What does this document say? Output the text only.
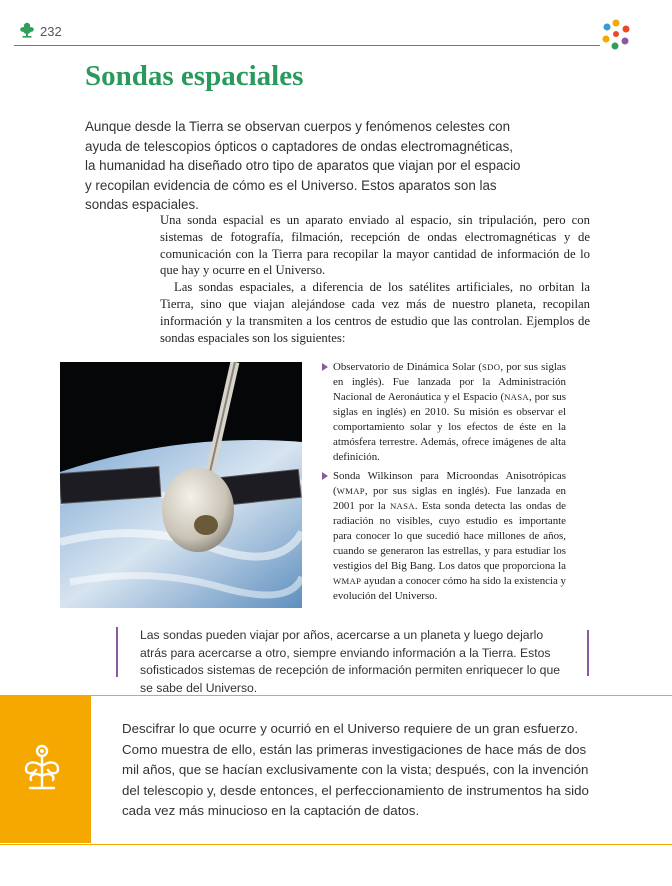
232
Sondas espaciales

Aunque desde la Tierra se observan cuerpos y fenómenos celestes con ayuda de telescopios ópticos o captadores de ondas electromagnéticas, la humanidad ha diseñado otro tipo de aparatos que viajan por el espacio y recopilan evidencia de cómo es el Universo. Estos aparatos son las sondas espaciales.

Una sonda espacial es un aparato enviado al espacio, sin tripulación, pero con sistemas de fotografía, filmación, recepción de ondas electromagnéticas y de comunicación con la Tierra para recopilar la mayor cantidad de información de lo que hay y ocurre en el Universo.

Las sondas espaciales, a diferencia de los satélites artificiales, no orbitan la Tierra, sino que viajan alejándose cada vez más de nuestro planeta, recopilan información y la transmiten a los centros de estudio que las controlan. Ejemplos de sondas espaciales son los siguientes:

Observatorio de Dinámica Solar (SDO, por sus siglas en inglés). Fue lanzada por la Administración Nacional de Aeronáutica y el Espacio (NASA, por sus siglas en inglés) en 2010. Su misión es observar el comportamiento solar y los efectos de éste en la atmósfera terrestre. Además, ofrece imágenes de alta definición.
Sonda Wilkinson para Microondas Anisotrópicas (WMAP, por sus siglas en inglés). Fue lanzada en 2001 por la NASA. Esta sonda detecta las ondas de radiación no visibles, cuyo estudio es importante para conocer lo que sucedió hace millones de años, cuando se generaron las estrellas, y para estudiar los vestigios del Big Bang. Los datos que proporciona la WMAP ayudan a conocer cómo ha sido la existencia y evolución del Universo.

Las sondas pueden viajar por años, acercarse a un planeta y luego dejarlo atrás para acercarse a otro, siempre enviando información a la Tierra. Estos sofisticados sistemas de recepción de información permiten enriquecer lo que se sabe del Universo.

Descifrar lo que ocurre y ocurrió en el Universo requiere de un gran esfuerzo. Como muestra de ello, están las primeras investigaciones de hace más de dos mil años, que se hacían exclusivamente con la vista; después, con la invención del telescopio y, desde entonces, el perfeccionamiento de instrumentos ha sido cada vez más minucioso en la captación de datos.
